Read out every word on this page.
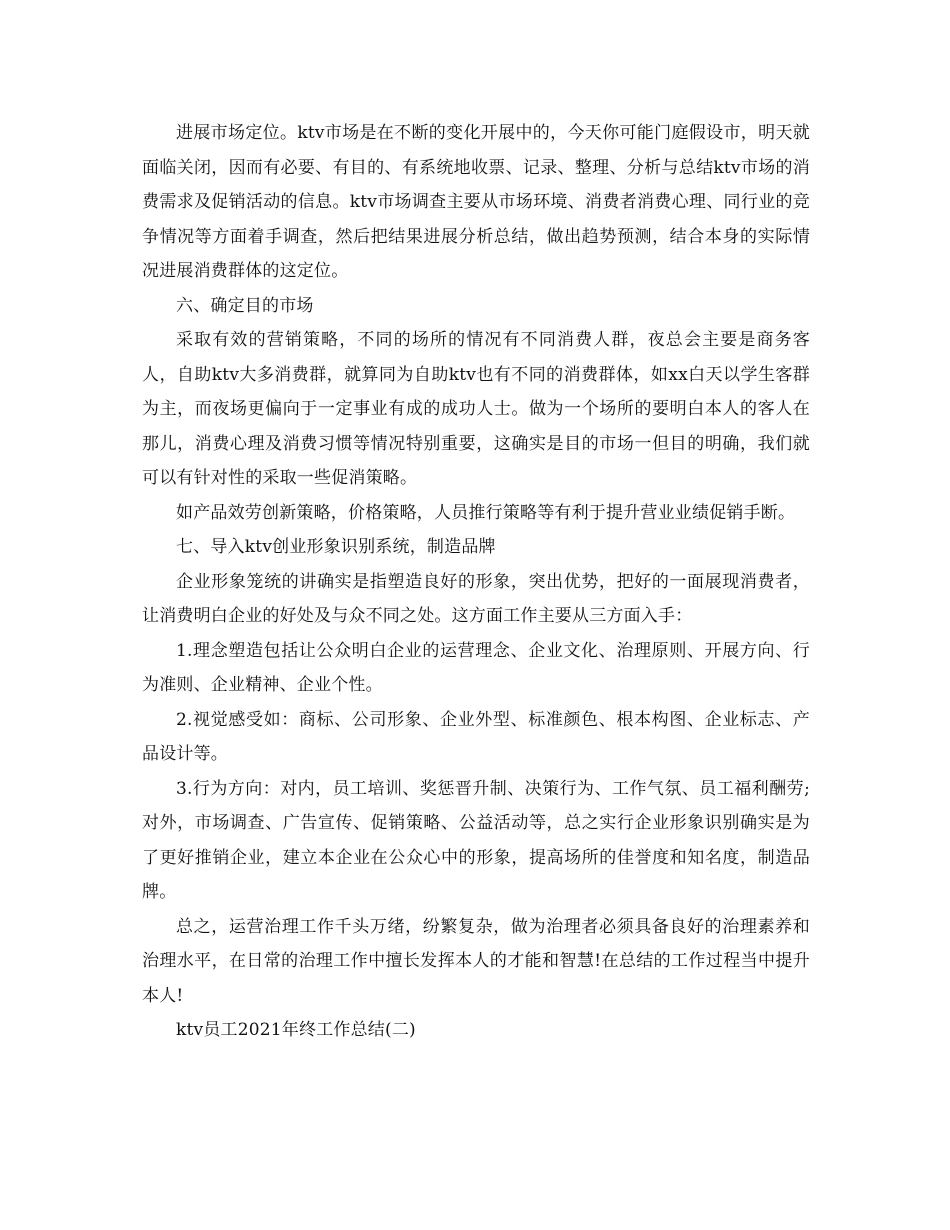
进展市场定位。ktv市场是在不断的变化开展中的，今天你可能门庭假设市，明天就面临关闭，因而有必要、有目的、有系统地收票、记录、整理、分析与总结ktv市场的消费需求及促销活动的信息。ktv市场调查主要从市场环境、消费者消费心理、同行业的竞争情况等方面着手调查，然后把结果进展分析总结，做出趋势预测，结合本身的实际情况进展消费群体的这定位。

六、确定目的市场

采取有效的营销策略，不同的场所的情况有不同消费人群，夜总会主要是商务客人，自助ktv大多消费群，就算同为自助ktv也有不同的消费群体，如xx白天以学生客群为主，而夜场更偏向于一定事业有成的成功人士。做为一个场所的要明白本人的客人在那儿，消费心理及消费习惯等情况特别重要，这确实是目的市场一但目的明确，我们就可以有针对性的采取一些促消策略。

如产品效劳创新策略，价格策略，人员推行策略等有利于提升营业业绩促销手断。

七、导入ktv创业形象识别系统，制造品牌

企业形象笼统的讲确实是指塑造良好的形象，突出优势，把好的一面展现消费者，让消费明白企业的好处及与众不同之处。这方面工作主要从三方面入手：

1.理念塑造包括让公众明白企业的运营理念、企业文化、治理原则、开展方向、行为准则、企业精神、企业个性。

2.视觉感受如：商标、公司形象、企业外型、标准颜色、根本构图、企业标志、产品设计等。

3.行为方向：对内，员工培训、奖惩晋升制、决策行为、工作气氛、员工福利酬劳;对外，市场调查、广告宣传、促销策略、公益活动等，总之实行企业形象识别确实是为了更好推销企业，建立本企业在公众心中的形象，提高场所的佳誉度和知名度，制造品牌。

总之，运营治理工作千头万绪，纷繁复杂，做为治理者必须具备良好的治理素养和治理水平，在日常的治理工作中擅长发挥本人的才能和智慧!在总结的工作过程当中提升本人!

ktv员工2021年终工作总结(二)
